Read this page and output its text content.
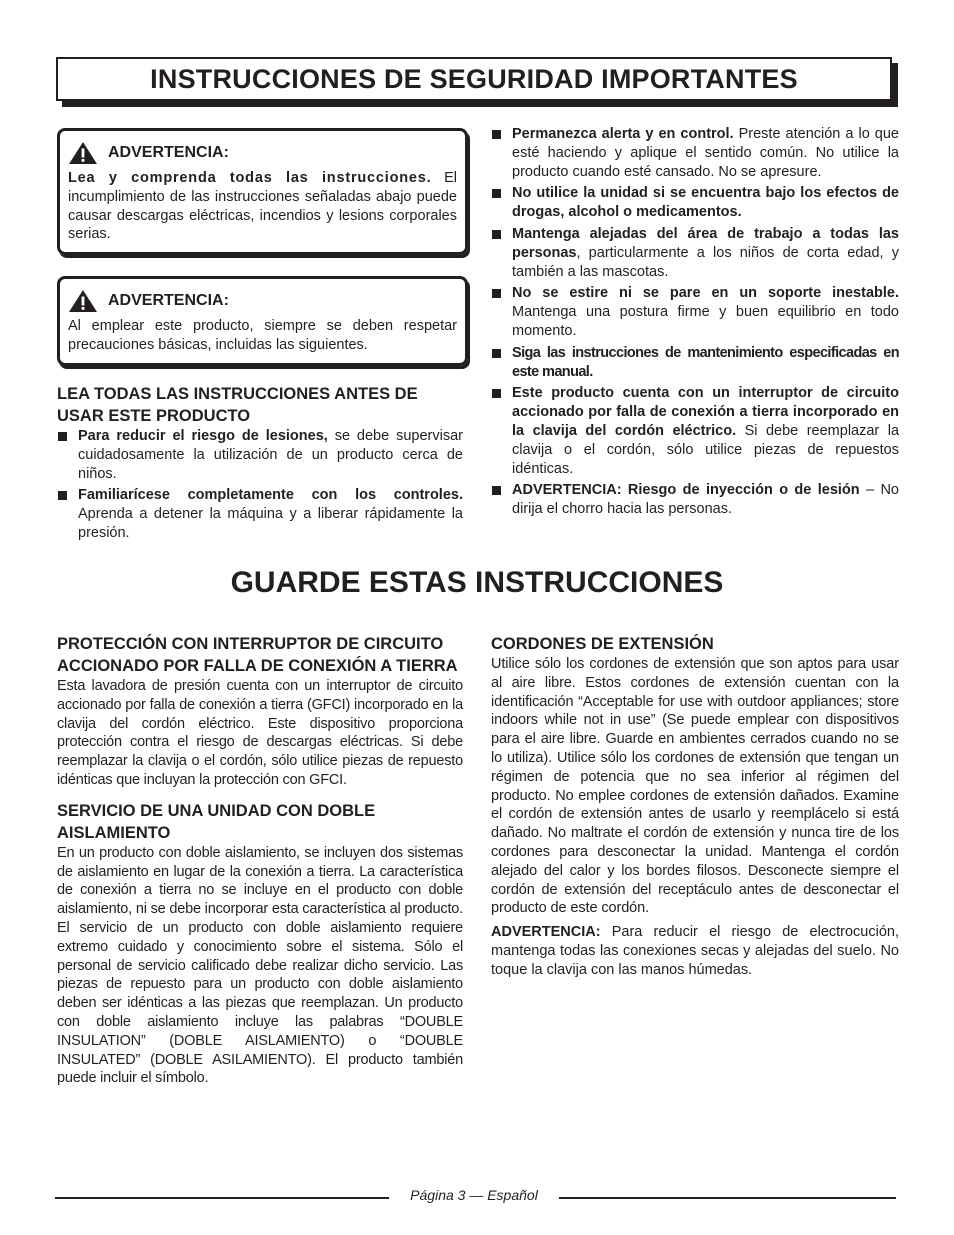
INSTRUCCIONES DE SEGURIDAD IMPORTANTES
ADVERTENCIA:

Lea y comprenda todas las instrucciones. El incumplimiento de las instrucciones señaladas abajo puede causar descargas eléctricas, incendios y lesions corporales serias.

ADVERTENCIA:

Al emplear este producto, siempre se deben respetar precauciones básicas, incluidas las siguientes.

LEA TODAS LAS INSTRUCCIONES ANTES DE USAR ESTE PRODUCTO
Para reducir el riesgo de lesiones, se debe supervisar cuidadosamente la utilización de un producto cerca de niños.
Familiarícese completamente con los controles. Aprenda a detener la máquina y a liberar rápidamente la presión.
Permanezca alerta y en control. Preste atención a lo que esté haciendo y aplique el sentido común. No utilice la producto cuando esté cansado. No se apresure.
No utilice la unidad si se encuentra bajo los efectos de drogas, alcohol o medicamentos.
Mantenga alejadas del área de trabajo a todas las personas, particularmente a los niños de corta edad, y también a las mascotas.
No se estire ni se pare en un soporte inestable. Mantenga una postura firme y buen equilibrio en todo momento.
Siga las instrucciones de mantenimiento especificadas en este manual.
Este producto cuenta con un interruptor de circuito accionado por falla de conexión a tierra incorporado en la clavija del cordón eléctrico. Si debe reemplazar la clavija o el cordón, sólo utilice piezas de repuestos idénticas.
ADVERTENCIA: Riesgo de inyección o de lesión – No dirija el chorro hacia las personas.
GUARDE ESTAS INSTRUCCIONES
PROTECCIÓN CON INTERRUPTOR DE CIRCUITO ACCIONADO POR FALLA DE CONEXIÓN A TIERRA

Esta lavadora de presión cuenta con un interruptor de circuito accionado por falla de conexión a tierra (GFCI) incorporado en la clavija del cordón eléctrico. Este dispositivo proporciona protección contra el riesgo de descargas eléctricas. Si debe reemplazar la clavija o el cordón, sólo utilice piezas de repuesto idénticas que incluyan la protección con GFCI.

SERVICIO DE UNA UNIDAD CON DOBLE AISLAMIENTO

En un producto con doble aislamiento, se incluyen dos sistemas de aislamiento en lugar de la conexión a tierra. La característica de conexión a tierra no se incluye en el producto con doble aislamiento, ni se debe incorporar esta característica al producto. El servicio de un producto con doble aislamiento requiere extremo cuidado y conocimiento sobre el sistema. Sólo el personal de servicio calificado debe realizar dicho servicio. Las piezas de repuesto para un producto con doble aislamiento deben ser idénticas a las piezas que reemplazan. Un producto con doble aislamiento incluye las palabras “DOUBLE INSULATION” (DOBLE AISLAMIENTO) o “DOUBLE INSULATED” (DOBLE ASILAMIENTO). El producto también puede incluir el símbolo.

CORDONES DE EXTENSIÓN

Utilice sólo los cordones de extensión que son aptos para usar al aire libre. Estos cordones de extensión cuentan con la identificación “Acceptable for use with outdoor appliances; store indoors while not in use” (Se puede emplear con dispositivos para el aire libre. Guarde en ambientes cerrados cuando no se lo utiliza). Utilice sólo los cordones de extensión que tengan un régimen de potencia que no sea inferior al régimen del producto. No emplee cordones de extensión dañados. Examine el cordón de extensión antes de usarlo y reemplácelo si está dañado. No maltrate el cordón de extensión y nunca tire de los cordones para desconectar la unidad. Mantenga el cordón alejado del calor y los bordes filosos. Desconecte siempre el cordón de extensión del receptáculo antes de desconectar el producto de este cordón.

ADVERTENCIA: Para reducir el riesgo de electrocución, mantenga todas las conexiones secas y alejadas del suelo. No toque la clavija con las manos húmedas.

Página 3 — Español
